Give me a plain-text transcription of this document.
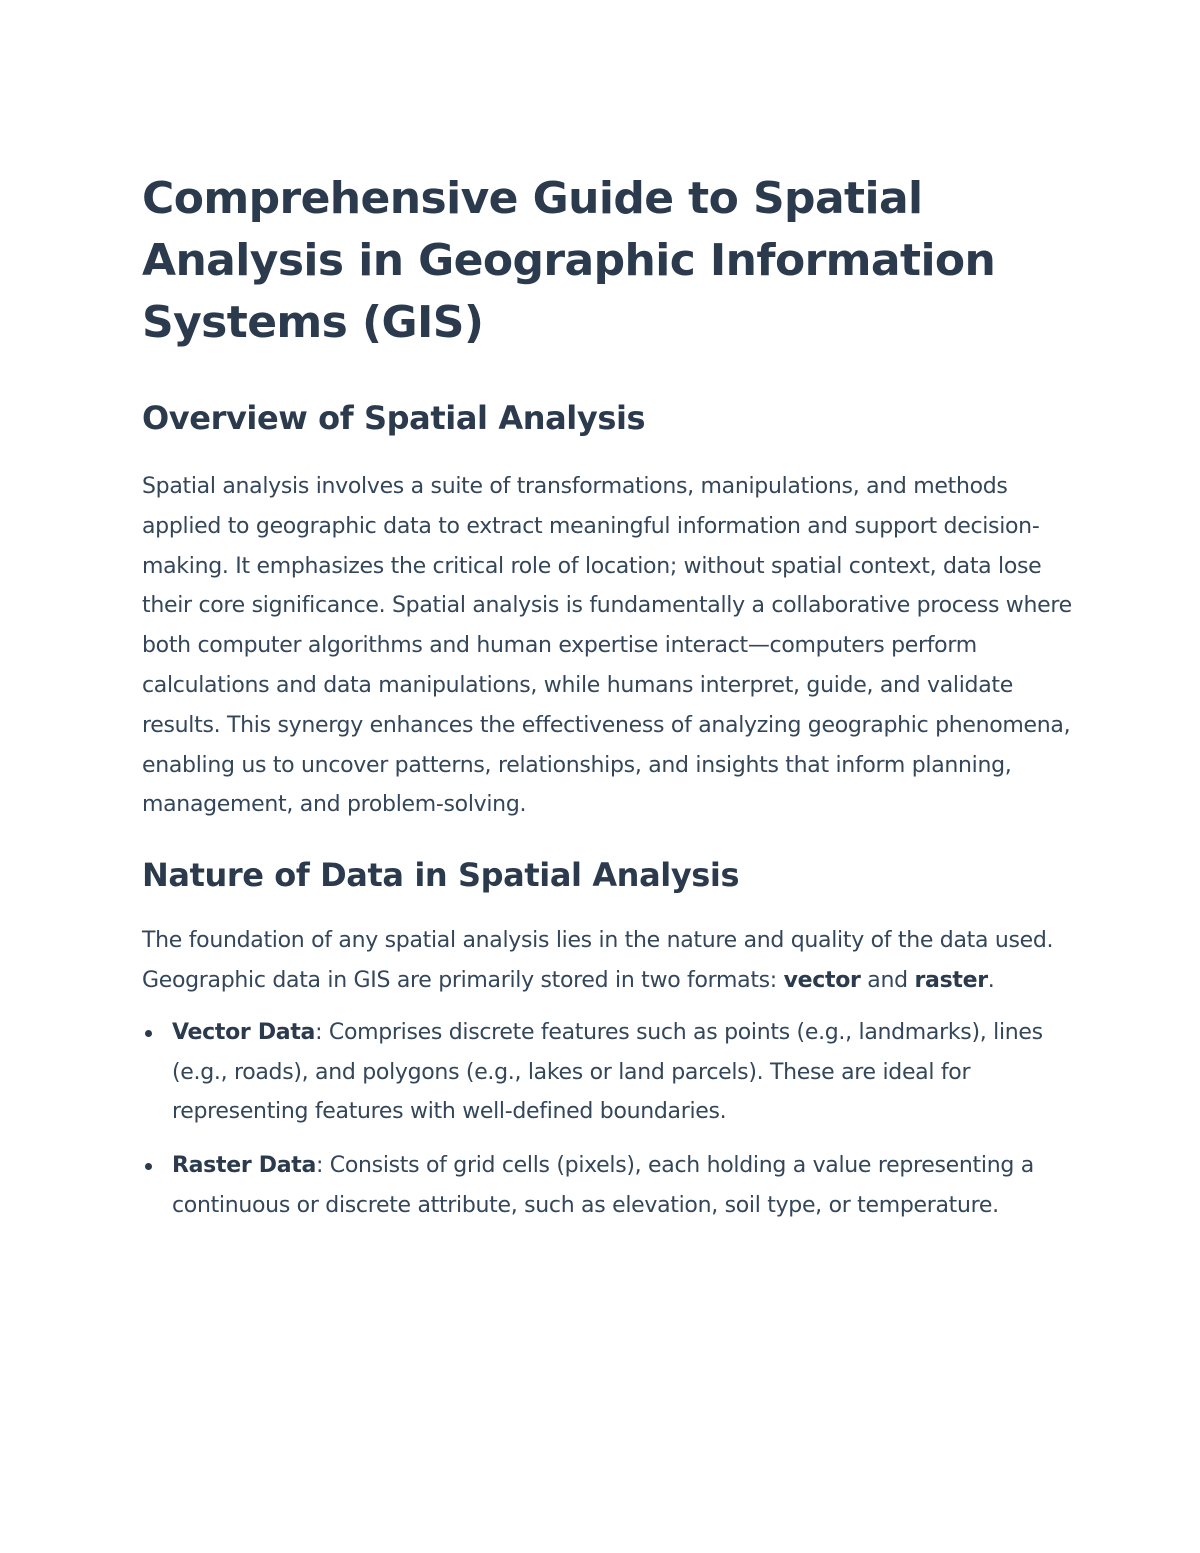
Comprehensive Guide to Spatial Analysis in Geographic Information Systems (GIS)
Overview of Spatial Analysis

Spatial analysis involves a suite of transformations, manipulations, and methods applied to geographic data to extract meaningful information and support decision-making. It emphasizes the critical role of location; without spatial context, data lose their core significance. Spatial analysis is fundamentally a collaborative process where both computer algorithms and human expertise interact—computers perform calculations and data manipulations, while humans interpret, guide, and validate results. This synergy enhances the effectiveness of analyzing geographic phenomena, enabling us to uncover patterns, relationships, and insights that inform planning, management, and problem-solving.

Nature of Data in Spatial Analysis

The foundation of any spatial analysis lies in the nature and quality of the data used. Geographic data in GIS are primarily stored in two formats: vector and raster.

Vector Data: Comprises discrete features such as points (e.g., landmarks), lines (e.g., roads), and polygons (e.g., lakes or land parcels). These are ideal for representing features with well-defined boundaries.
Raster Data: Consists of grid cells (pixels), each holding a value representing a continuous or discrete attribute, such as elevation, soil type, or temperature.
